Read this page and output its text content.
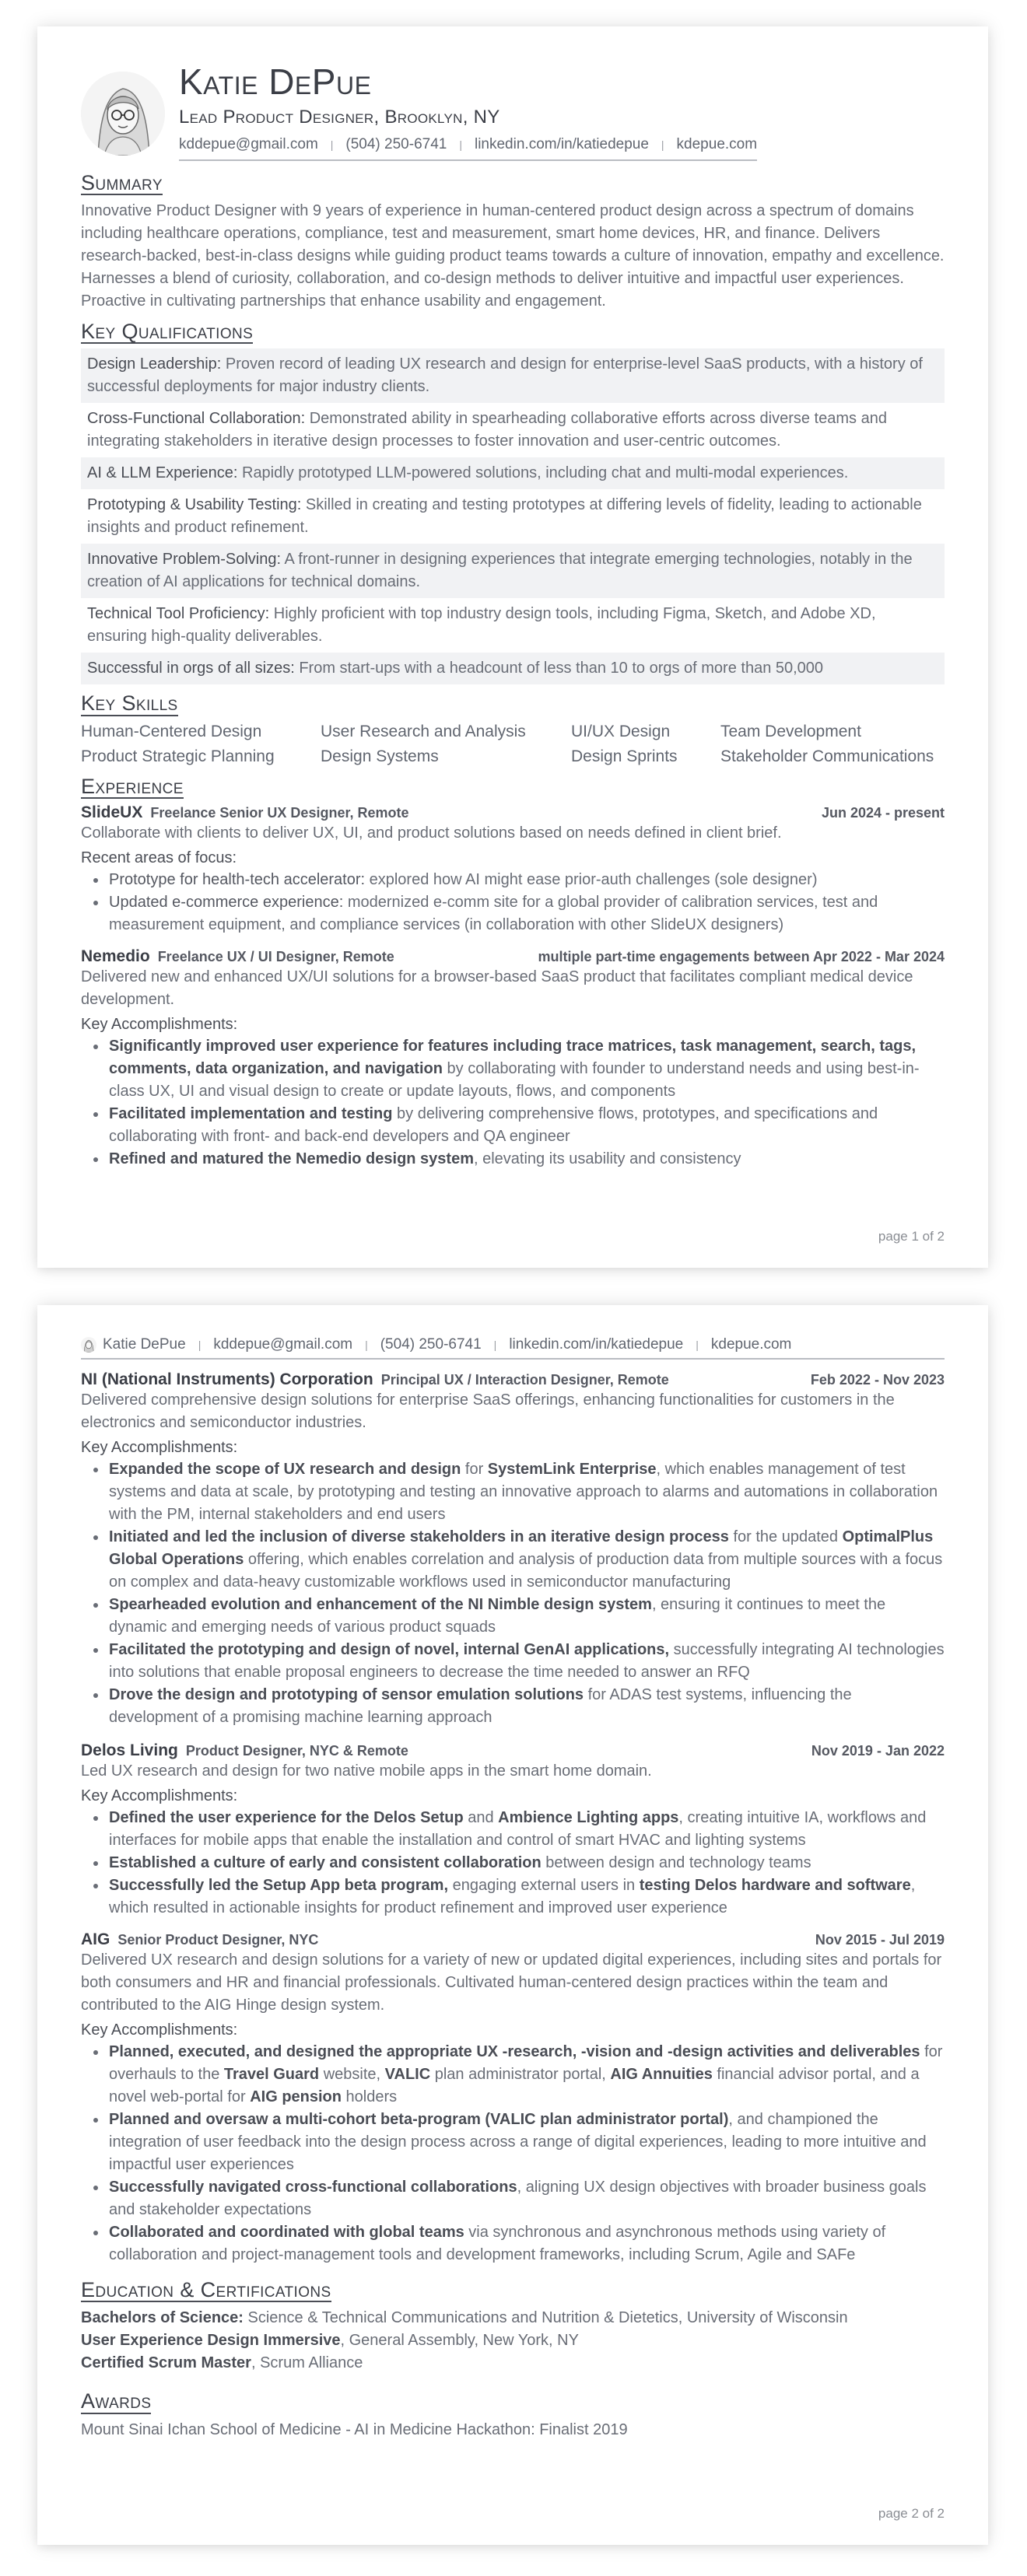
Katie DePue
Lead Product Designer, Brooklyn, NY
kddepue@gmail.com | (504) 250-6741 | linkedin.com/in/katiedepue | kdepue.com
Summary

Innovative Product Designer with 9 years of experience in human-centered product design across a spectrum of domains including healthcare operations, compliance, test and measurement, smart home devices, HR, and finance. Delivers research-backed, best-in-class designs while guiding product teams towards a culture of innovation, empathy and excellence. Harnesses a blend of curiosity, collaboration, and co-design methods to deliver intuitive and impactful user experiences. Proactive in cultivating partnerships that enhance usability and engagement.

Key Qualifications
Design Leadership: Proven record of leading UX research and design for enterprise-level SaaS products, with a history of successful deployments for major industry clients.
Cross-Functional Collaboration: Demonstrated ability in spearheading collaborative efforts across diverse teams and integrating stakeholders in iterative design processes to foster innovation and user-centric outcomes.
AI & LLM Experience: Rapidly prototyped LLM-powered solutions, including chat and multi-modal experiences.
Prototyping & Usability Testing: Skilled in creating and testing prototypes at differing levels of fidelity, leading to actionable insights and product refinement.
Innovative Problem-Solving: A front-runner in designing experiences that integrate emerging technologies, notably in the creation of AI applications for technical domains.
Technical Tool Proficiency: Highly proficient with top industry design tools, including Figma, Sketch, and Adobe XD, ensuring high-quality deliverables.
Successful in orgs of all sizes: From start-ups with a headcount of less than 10 to orgs of more than 50,000
Key Skills
Human-Centered Design	User Research and Analysis	UI/UX Design	Team Development
Product Strategic Planning	Design Systems	Design Sprints	Stakeholder Communications
Experience
SlideUX Freelance Senior UX Designer, Remote	Jun 2024 - present

Collaborate with clients to deliver UX, UI, and product solutions based on needs defined in client brief.

Recent areas of focus:
• Prototype for health-tech accelerator: explored how AI might ease prior-auth challenges (sole designer)
• Updated e-commerce experience: modernized e-comm site for a global provider of calibration services, test and measurement equipment, and compliance services (in collaboration with other SlideUX designers)
Nemedio Freelance UX / UI Designer, Remote	multiple part-time engagements between Apr 2022 - Mar 2024

Delivered new and enhanced UX/UI solutions for a browser-based SaaS product that facilitates compliant medical device development.

Key Accomplishments:
• Significantly improved user experience for features including trace matrices, task management, search, tags, comments, data organization, and navigation by collaborating with founder to understand needs and using best-in-class UX, UI and visual design to create or update layouts, flows, and components
• Facilitated implementation and testing by delivering comprehensive flows, prototypes, and specifications and collaborating with front- and back-end developers and QA engineer
• Refined and matured the Nemedio design system, elevating its usability and consistency
page 1 of 2
Katie DePue | kddepue@gmail.com | (504) 250-6741 | linkedin.com/in/katiedepue | kdepue.com
NI (National Instruments) Corporation Principal UX / Interaction Designer, Remote	Feb 2022 - Nov 2023

Delivered comprehensive design solutions for enterprise SaaS offerings, enhancing functionalities for customers in the electronics and semiconductor industries.

Key Accomplishments:
• Expanded the scope of UX research and design for SystemLink Enterprise, which enables management of test systems and data at scale, by prototyping and testing an innovative approach to alarms and automations in collaboration with the PM, internal stakeholders and end users
• Initiated and led the inclusion of diverse stakeholders in an iterative design process for the updated OptimalPlus Global Operations offering, which enables correlation and analysis of production data from multiple sources with a focus on complex and data-heavy customizable workflows used in semiconductor manufacturing
• Spearheaded evolution and enhancement of the NI Nimble design system, ensuring it continues to meet the dynamic and emerging needs of various product squads
• Facilitated the prototyping and design of novel, internal GenAI applications, successfully integrating AI technologies into solutions that enable proposal engineers to decrease the time needed to answer an RFQ
• Drove the design and prototyping of sensor emulation solutions for ADAS test systems, influencing the development of a promising machine learning approach
Delos Living Product Designer, NYC & Remote	Nov 2019 - Jan 2022

Led UX research and design for two native mobile apps in the smart home domain.

Key Accomplishments:
• Defined the user experience for the Delos Setup and Ambience Lighting apps, creating intuitive IA, workflows and interfaces for mobile apps that enable the installation and control of smart HVAC and lighting systems
• Established a culture of early and consistent collaboration between design and technology teams
• Successfully led the Setup App beta program, engaging external users in testing Delos hardware and software, which resulted in actionable insights for product refinement and improved user experience
AIG Senior Product Designer, NYC	Nov 2015 - Jul 2019

Delivered UX research and design solutions for a variety of new or updated digital experiences, including sites and portals for both consumers and HR and financial professionals. Cultivated human-centered design practices within the team and contributed to the AIG Hinge design system.

Key Accomplishments:
• Planned, executed, and designed the appropriate UX -research, -vision and -design activities and deliverables for overhauls to the Travel Guard website, VALIC plan administrator portal, AIG Annuities financial advisor portal, and a novel web-portal for AIG pension holders
• Planned and oversaw a multi-cohort beta-program (VALIC plan administrator portal), and championed the integration of user feedback into the design process across a range of digital experiences, leading to more intuitive and impactful user experiences
• Successfully navigated cross-functional collaborations, aligning UX design objectives with broader business goals and stakeholder expectations
• Collaborated and coordinated with global teams via synchronous and asynchronous methods using variety of collaboration and project-management tools and development frameworks, including Scrum, Agile and SAFe
Education & Certifications
Bachelors of Science: Science & Technical Communications and Nutrition & Dietetics, University of Wisconsin
User Experience Design Immersive, General Assembly, New York, NY
Certified Scrum Master, Scrum Alliance
Awards

Mount Sinai Ichan School of Medicine - AI in Medicine Hackathon: Finalist 2019

page 2 of 2
